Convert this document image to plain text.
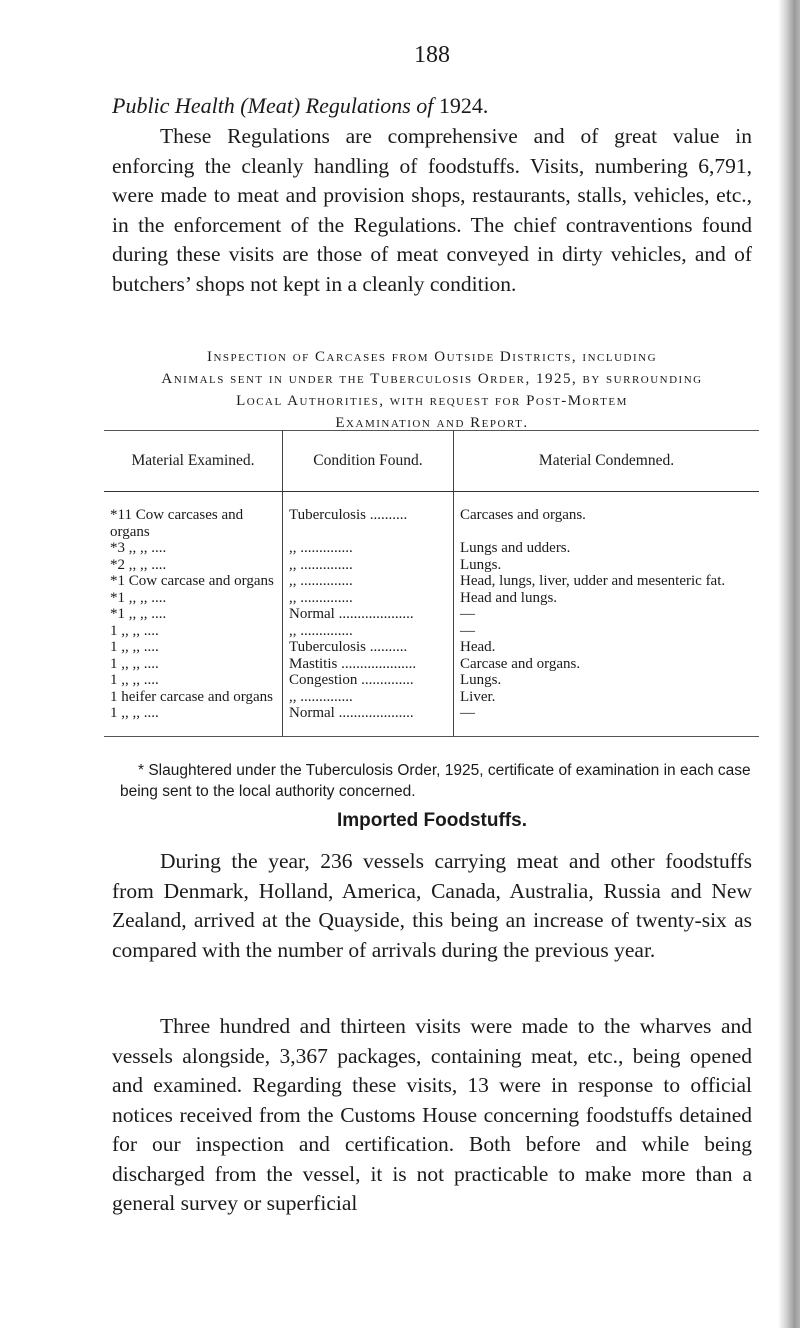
188
Public Health (Meat) Regulations of 1924.

These Regulations are comprehensive and of great value in enforcing the cleanly handling of foodstuffs. Visits, numbering 6,791, were made to meat and provision shops, restaurants, stalls, vehicles, etc., in the enforcement of the Regulations. The chief contraventions found during these visits are those of meat conveyed in dirty vehicles, and of butchers’ shops not kept in a cleanly condition.

Inspection of Carcases from Outside Districts, including
Animals sent in under the Tuberculosis Order, 1925, by surrounding
Local Authorities, with request for Post-Mortem
Examination and Report.
Material Examined.	Condition Found.	Material Condemned.
*11 Cow carcases and organs	Tuberculosis ..........	Carcases and organs.
*3 ,, ,, ....	,, ..............	Lungs and udders.
*2 ,, ,, ....	,, ..............	Lungs.
*1 Cow carcase and organs	,, ..............	Head, lungs, liver, udder and mesenteric fat.
*1 ,, ,, ....	,, ..............	Head and lungs.
*1 ,, ,, ....	Normal ....................	—
1 ,, ,, ....	,, ..............	—
1 ,, ,, ....	Tuberculosis ..........	Head.
1 ,, ,, ....	Mastitis ....................	Carcase and organs.
1 ,, ,, ....	Congestion ..............	Lungs.
1 heifer carcase and organs	,, ..............	Liver.
1 ,, ,, ....	Normal ....................	—
* Slaughtered under the Tuberculosis Order, 1925, certificate of examination in each case being sent to the local authority concerned.
Imported Foodstuffs.

During the year, 236 vessels carrying meat and other foodstuffs from Denmark, Holland, America, Canada, Australia, Russia and New Zealand, arrived at the Quayside, this being an increase of twenty-six as compared with the number of arrivals during the previous year.

Three hundred and thirteen visits were made to the wharves and vessels alongside, 3,367 packages, containing meat, etc., being opened and examined. Regarding these visits, 13 were in response to official notices received from the Customs House concerning foodstuffs detained for our inspection and certification. Both before and while being discharged from the vessel, it is not practicable to make more than a general survey or superficial
